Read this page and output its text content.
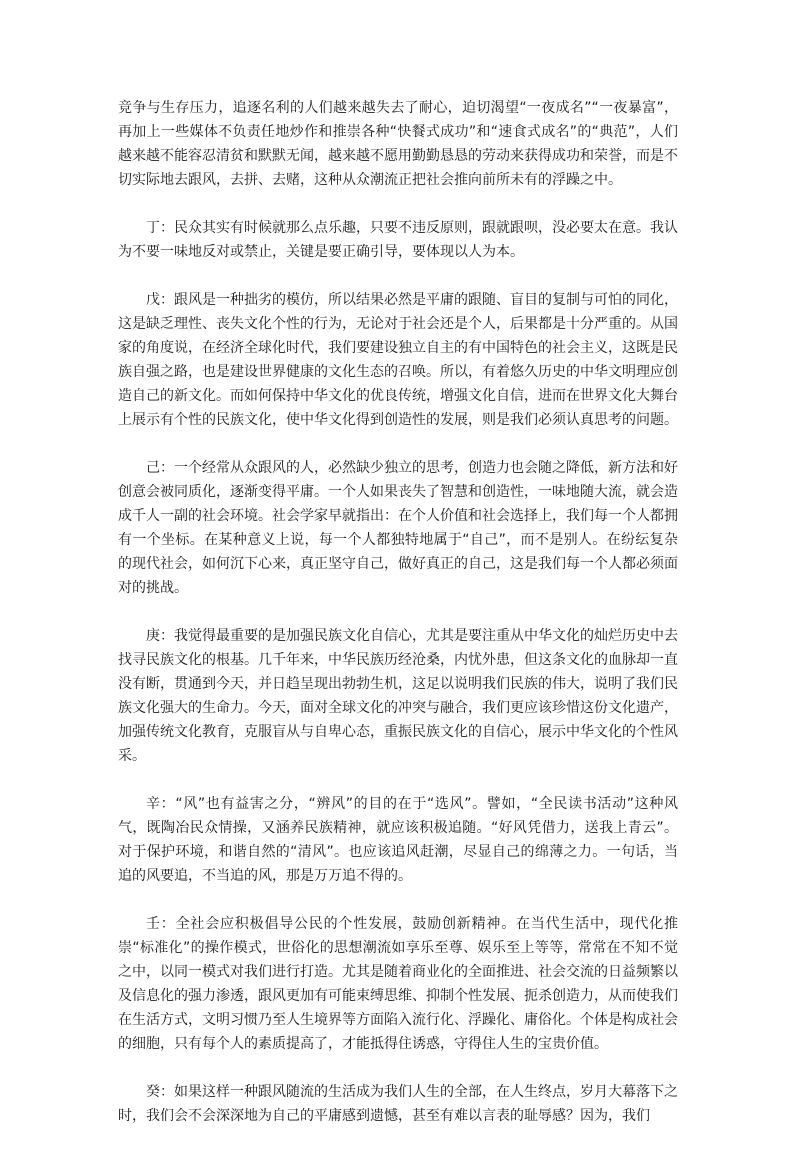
竞争与生存压力，追逐名利的人们越来越失去了耐心，迫切渴望“一夜成名”“一夜暴富”，再加上一些媒体不负责任地炒作和推崇各种“快餐式成功”和“速食式成名”的“典范”，人们越来越不能容忍清贫和默默无闻，越来越不愿用勤勤恳恳的劳动来获得成功和荣誉，而是不切实际地去跟风，去拼、去赌，这种从众潮流正把社会推向前所未有的浮躁之中。

丁：民众其实有时候就那么点乐趣，只要不违反原则，跟就跟呗，没必要太在意。我认为不要一味地反对或禁止，关键是要正确引导，要体现以人为本。

戊：跟风是一种拙劣的模仿，所以结果必然是平庸的跟随、盲目的复制与可怕的同化，这是缺乏理性、丧失文化个性的行为，无论对于社会还是个人，后果都是十分严重的。从国家的角度说，在经济全球化时代，我们要建设独立自主的有中国特色的社会主义，这既是民族自强之路，也是建设世界健康的文化生态的召唤。所以，有着悠久历史的中华文明理应创造自己的新文化。而如何保持中华文化的优良传统，增强文化自信，进而在世界文化大舞台上展示有个性的民族文化，使中华文化得到创造性的发展，则是我们必须认真思考的问题。

己：一个经常从众跟风的人，必然缺少独立的思考，创造力也会随之降低，新方法和好创意会被同质化，逐渐变得平庸。一个人如果丧失了智慧和创造性，一味地随大流，就会造成千人一副的社会环境。社会学家早就指出：在个人价值和社会选择上，我们每一个人都拥有一个坐标。在某种意义上说，每一个人都独特地属于“自己”，而不是别人。在纷纭复杂的现代社会，如何沉下心来，真正坚守自己，做好真正的自己，这是我们每一个人都必须面对的挑战。

庚：我觉得最重要的是加强民族文化自信心，尤其是要注重从中华文化的灿烂历史中去找寻民族文化的根基。几千年来，中华民族历经沧桑，内忧外患，但这条文化的血脉却一直没有断，贯通到今天，并日趋呈现出勃勃生机，这足以说明我们民族的伟大，说明了我们民族文化强大的生命力。今天，面对全球文化的冲突与融合，我们更应该珍惜这份文化遗产，加强传统文化教育，克服盲从与自卑心态，重振民族文化的自信心，展示中华文化的个性风采。

辛：“风”也有益害之分，“辨风”的目的在于“选风”。譬如，“全民读书活动”这种风气，既陶冶民众情操，又涵养民族精神，就应该积极追随。“好风凭借力，送我上青云”。对于保护环境，和谐自然的“清风”。也应该追风赶潮，尽显自己的绵薄之力。一句话，当追的风要追，不当追的风，那是万万追不得的。

壬：全社会应积极倡导公民的个性发展，鼓励创新精神。在当代生活中，现代化推崇“标准化”的操作模式，世俗化的思想潮流如享乐至尊、娱乐至上等等，常常在不知不觉之中，以同一模式对我们进行打造。尤其是随着商业化的全面推进、社会交流的日益频繁以及信息化的强力渗透，跟风更加有可能束缚思维、抑制个性发展、扼杀创造力，从而使我们在生活方式，文明习惯乃至人生境界等方面陷入流行化、浮躁化、庸俗化。个体是构成社会的细胞，只有每个人的素质提高了，才能抵得住诱惑，守得住人生的宝贵价值。

癸：如果这样一种跟风随流的生活成为我们人生的全部，在人生终点，岁月大幕落下之时，我们会不会深深地为自己的平庸感到遗憾，甚至有难以言表的耻辱感？因为，我们
